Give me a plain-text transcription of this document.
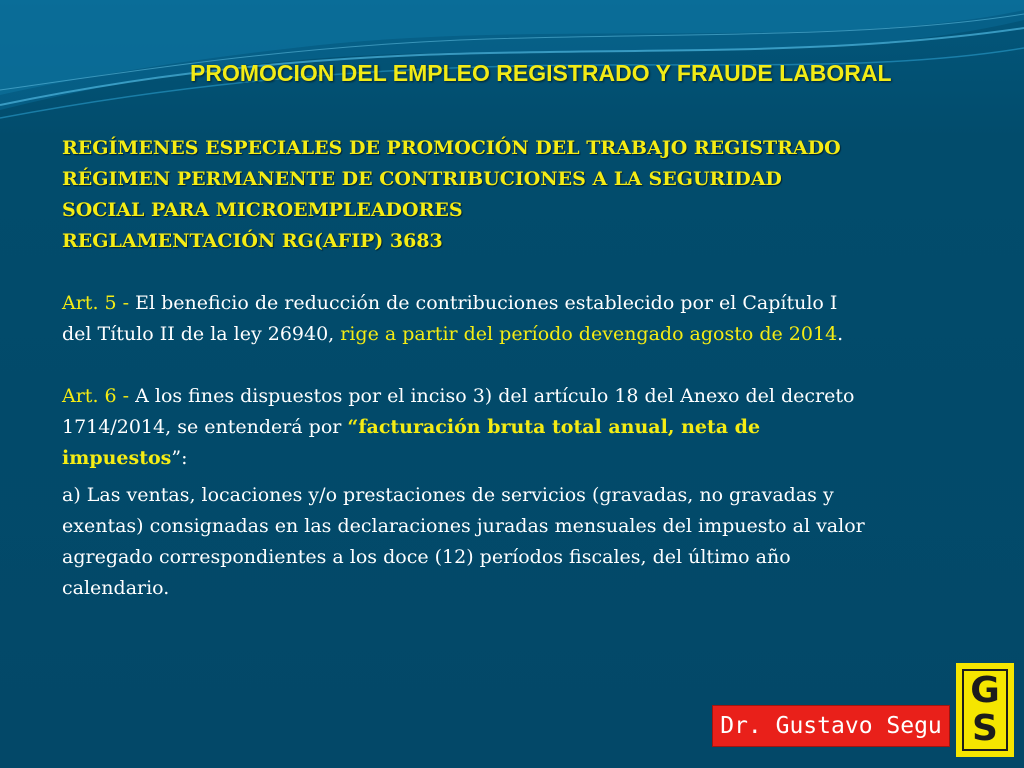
PROMOCION DEL EMPLEO REGISTRADO Y FRAUDE LABORAL
REGÍMENES ESPECIALES DE PROMOCIÓN DEL TRABAJO REGISTRADO
RÉGIMEN PERMANENTE DE CONTRIBUCIONES A LA SEGURIDAD
SOCIAL PARA MICROEMPLEADORES
REGLAMENTACIÓN RG(AFIP) 3683
Art. 5 - El beneficio de reducción de contribuciones establecido por el Capítulo I
del Título II de la ley 26940, rige a partir del período devengado agosto de 2014.
Art. 6 - A los fines dispuestos por el inciso 3) del artículo 18 del Anexo del decreto
1714/2014, se entenderá por “facturación bruta total anual, neta de
impuestos”:
a) Las ventas, locaciones y/o prestaciones de servicios (gravadas, no gravadas y
exentas) consignadas en las declaraciones juradas mensuales del impuesto al valor
agregado correspondientes a los doce (12) períodos fiscales, del último año
calendario.
Dr. Gustavo Segu
G
S
